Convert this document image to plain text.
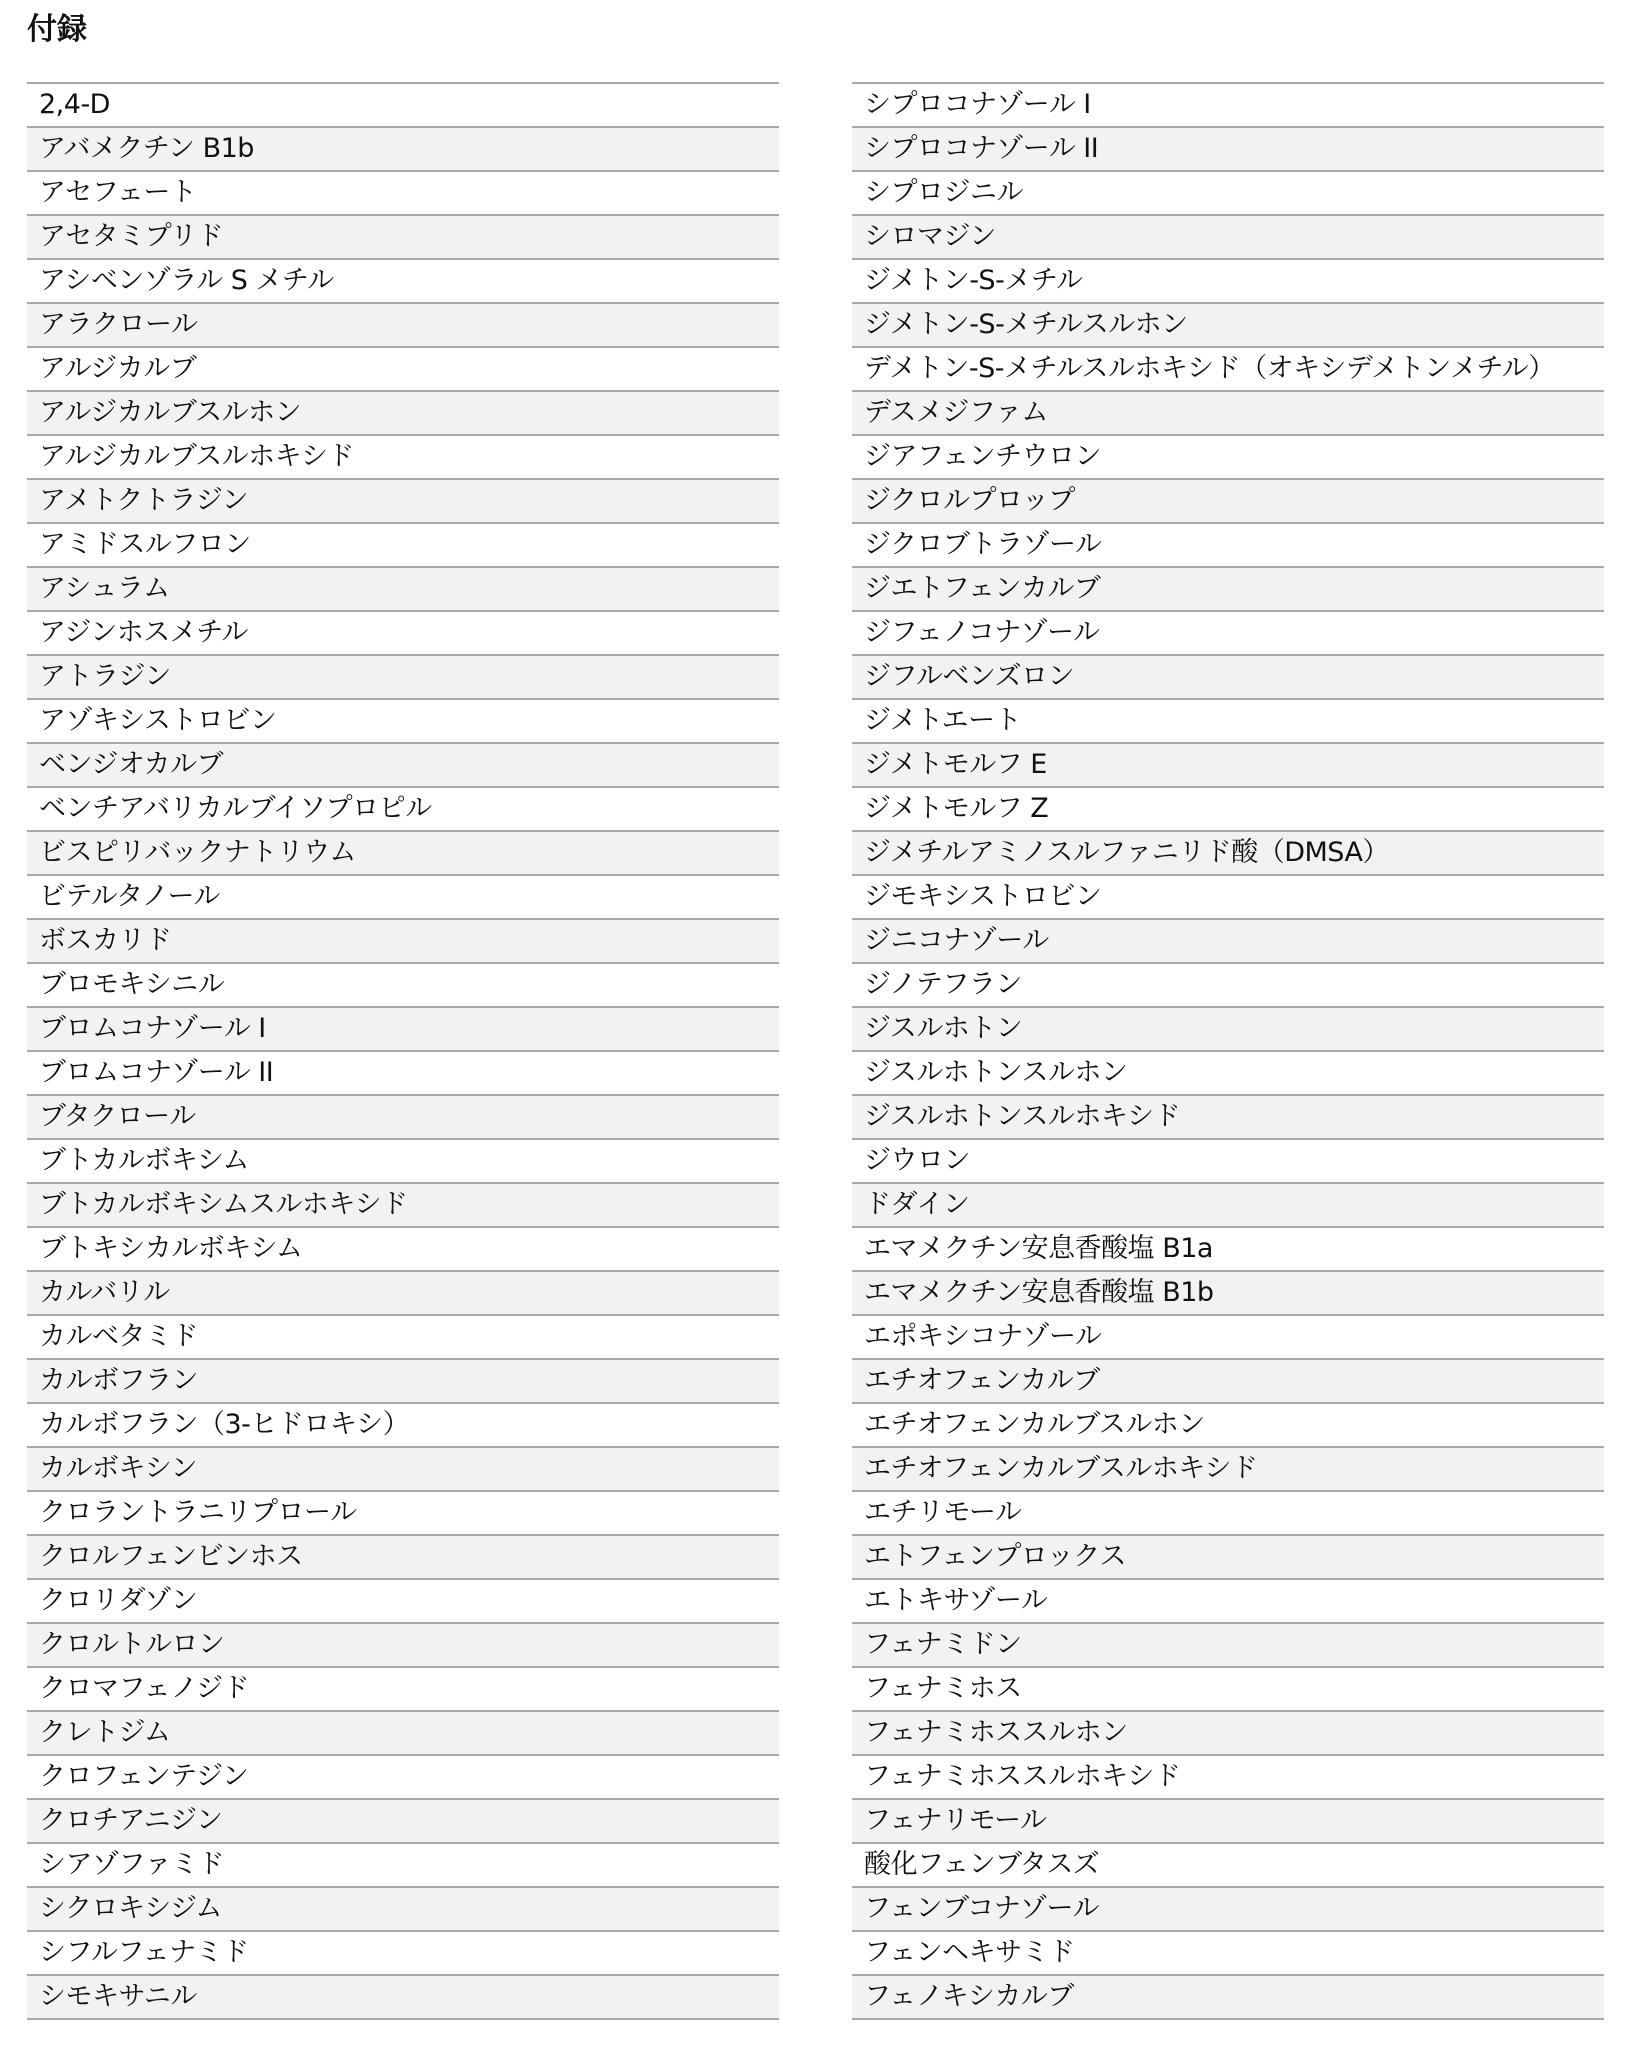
付録
2,4-D
アバメクチン B1b
アセフェート
アセタミプリド
アシベンゾラル S メチル
アラクロール
アルジカルブ
アルジカルブスルホン
アルジカルブスルホキシド
アメトクトラジン
アミドスルフロン
アシュラム
アジンホスメチル
アトラジン
アゾキシストロビン
ベンジオカルブ
ベンチアバリカルブイソプロピル
ビスピリバックナトリウム
ビテルタノール
ボスカリド
ブロモキシニル
ブロムコナゾール I
ブロムコナゾール II
ブタクロール
ブトカルボキシム
ブトカルボキシムスルホキシド
ブトキシカルボキシム
カルバリル
カルベタミド
カルボフラン
カルボフラン（3-ヒドロキシ）
カルボキシン
クロラントラニリプロール
クロルフェンビンホス
クロリダゾン
クロルトルロン
クロマフェノジド
クレトジム
クロフェンテジン
クロチアニジン
シアゾファミド
シクロキシジム
シフルフェナミド
シモキサニル
シプロコナゾール I
シプロコナゾール II
シプロジニル
シロマジン
ジメトン-S-メチル
ジメトン-S-メチルスルホン
デメトン-S-メチルスルホキシド（オキシデメトンメチル）
デスメジファム
ジアフェンチウロン
ジクロルプロップ
ジクロブトラゾール
ジエトフェンカルブ
ジフェノコナゾール
ジフルベンズロン
ジメトエート
ジメトモルフ E
ジメトモルフ Z
ジメチルアミノスルファニリド酸（DMSA）
ジモキシストロビン
ジニコナゾール
ジノテフラン
ジスルホトン
ジスルホトンスルホン
ジスルホトンスルホキシド
ジウロン
ドダイン
エマメクチン安息香酸塩 B1a
エマメクチン安息香酸塩 B1b
エポキシコナゾール
エチオフェンカルブ
エチオフェンカルブスルホン
エチオフェンカルブスルホキシド
エチリモール
エトフェンプロックス
エトキサゾール
フェナミドン
フェナミホス
フェナミホススルホン
フェナミホススルホキシド
フェナリモール
酸化フェンブタスズ
フェンブコナゾール
フェンヘキサミド
フェノキシカルブ
